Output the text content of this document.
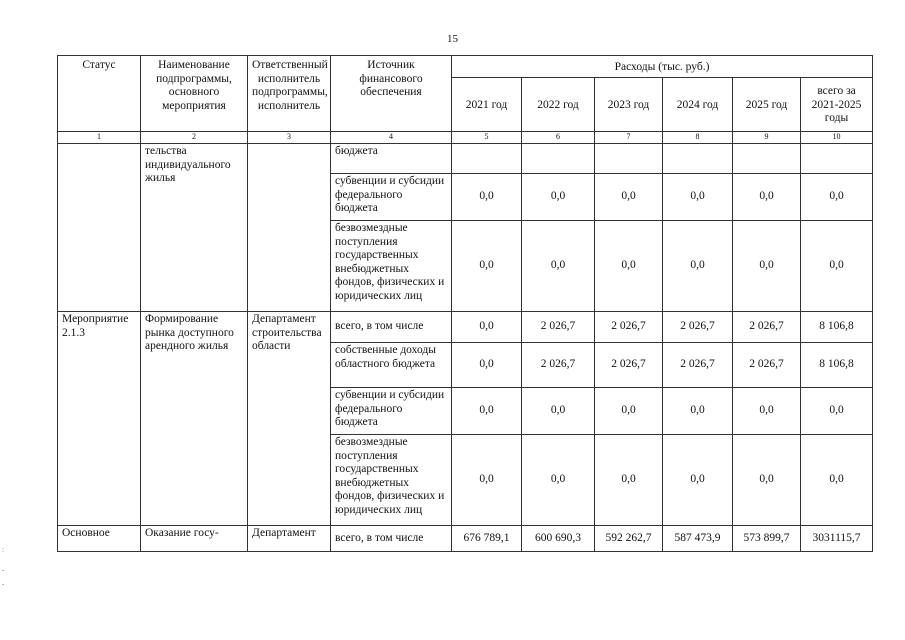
15
:
-
-
Статус	Наименование подпрограммы, основного мероприятия	Ответственный исполнитель подпрограммы, исполнитель	Источник финансового обеспечения	Расходы (тыс. руб.)					
				2021 год	2022 год	2023 год	2024 год	2025 год	всего за 2021-2025 годы
1	2	3	4	5	6	7	8	9	10
	тельства индивидуального жилья		бюджета						
			субвенции и субсидии федерального бюджета	0,0	0,0	0,0	0,0	0,0	0,0
			безвозмездные поступления государственных внебюджетных фондов, физических и юридических лиц	0,0	0,0	0,0	0,0	0,0	0,0
Мероприятие 2.1.3	Формирование рынка доступного арендного жилья	Департамент строительства области	всего, в том числе	0,0	2 026,7	2 026,7	2 026,7	2 026,7	8 106,8
			собственные доходы областного бюджета	0,0	2 026,7	2 026,7	2 026,7	2 026,7	8 106,8
			субвенции и субсидии федерального бюджета	0,0	0,0	0,0	0,0	0,0	0,0
			безвозмездные поступления государственных внебюджетных фондов, физических и юридических лиц	0,0	0,0	0,0	0,0	0,0	0,0
Основное	Оказание госу-	Департамент	всего, в том числе	676 789,1	600 690,3	592 262,7	587 473,9	573 899,7	3031115,7
